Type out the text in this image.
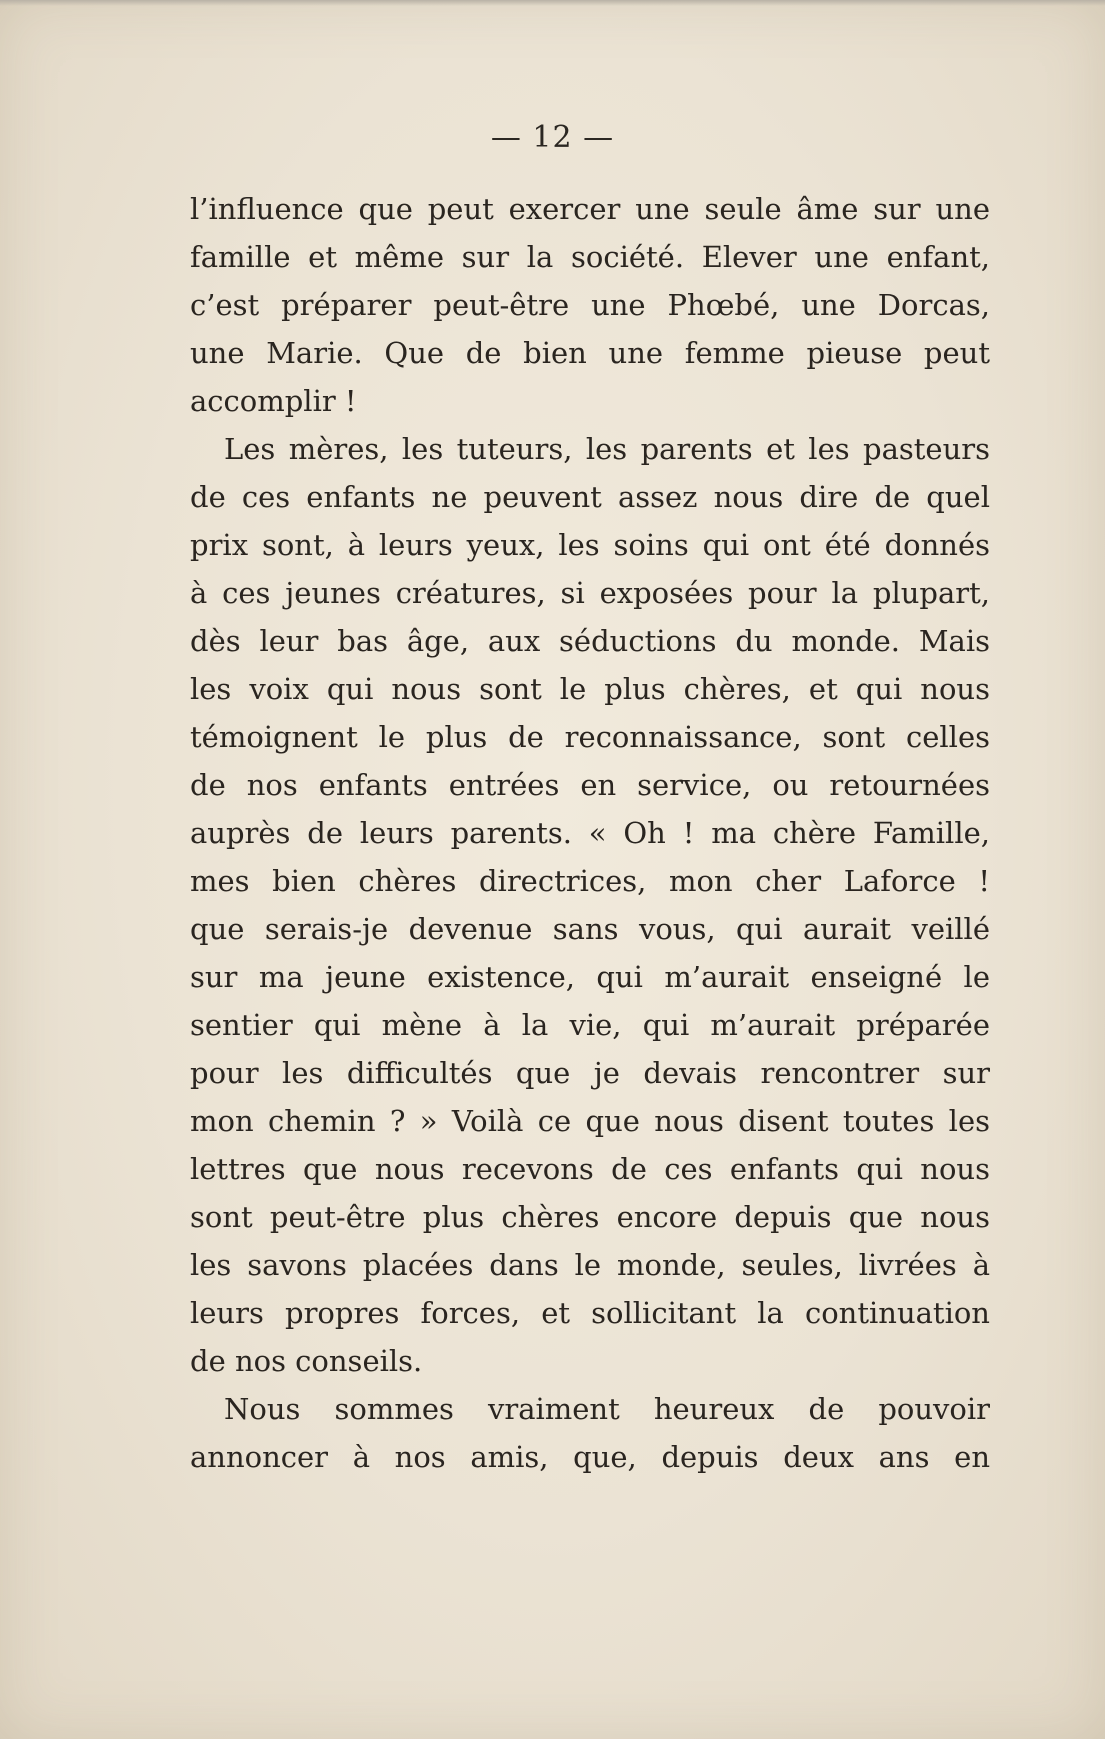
— 12 —
l’influence que peut exercer une seule âme sur une
famille et même sur la société. Elever une enfant,
c’est préparer peut-être une Phœbé, une Dorcas,
une Marie. Que de bien une femme pieuse peut
accomplir !
Les mères, les tuteurs, les parents et les pasteurs
de ces enfants ne peuvent assez nous dire de quel
prix sont, à leurs yeux, les soins qui ont été donnés
à ces jeunes créatures, si exposées pour la plupart,
dès leur bas âge, aux séductions du monde. Mais
les voix qui nous sont le plus chères, et qui nous
témoignent le plus de reconnaissance, sont celles
de nos enfants entrées en service, ou retournées
auprès de leurs parents. « Oh ! ma chère Famille,
mes bien chères directrices, mon cher Laforce !
que serais-je devenue sans vous, qui aurait veillé
sur ma jeune existence, qui m’aurait enseigné le
sentier qui mène à la vie, qui m’aurait préparée
pour les difficultés que je devais rencontrer sur
mon chemin ? » Voilà ce que nous disent toutes les
lettres que nous recevons de ces enfants qui nous
sont peut-être plus chères encore depuis que nous
les savons placées dans le monde, seules, livrées à
leurs propres forces, et sollicitant la continuation
de nos conseils.
Nous sommes vraiment heureux de pouvoir
annoncer à nos amis, que, depuis deux ans en
